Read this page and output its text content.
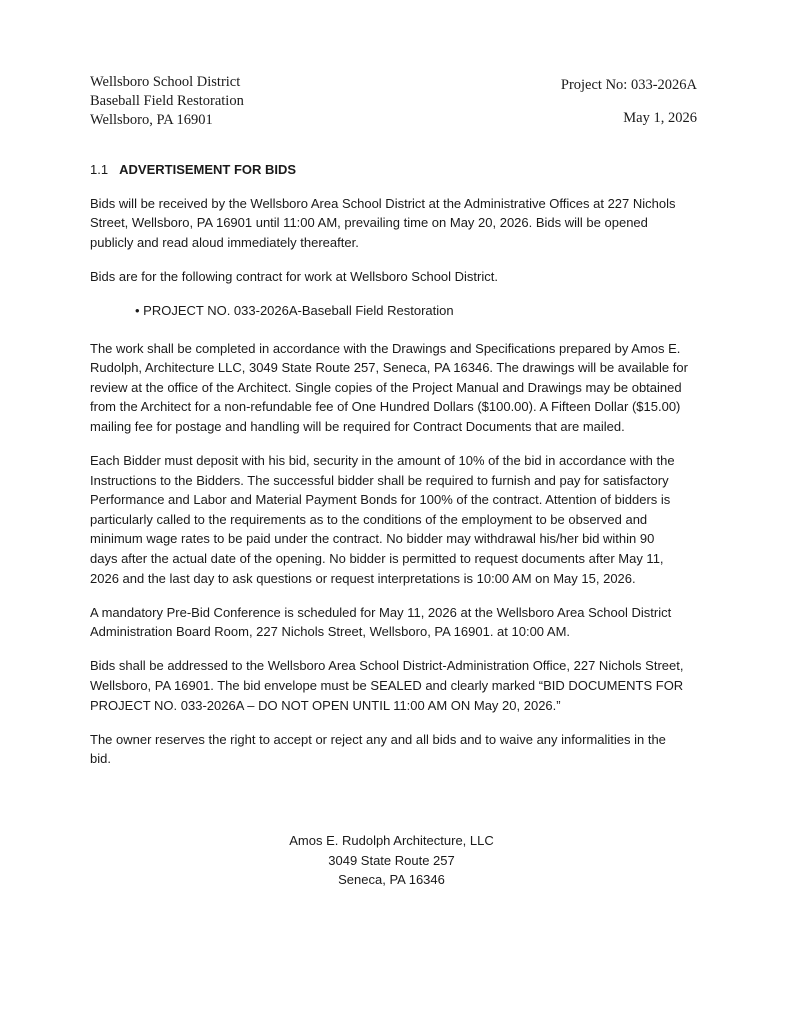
Wellsboro School District
Baseball Field Restoration
Wellsboro, PA 16901
Project No: 033-2026A
May 1, 2026
1.1 ADVERTISEMENT FOR BIDS
Bids will be received by the Wellsboro Area School District at the Administrative Offices at 227 Nichols
Street, Wellsboro, PA 16901 until 11:00 AM, prevailing time on May 20, 2026. Bids will be opened
publicly and read aloud immediately thereafter.
Bids are for the following contract for work at Wellsboro School District.
• PROJECT NO. 033-2026A-Baseball Field Restoration
The work shall be completed in accordance with the Drawings and Specifications prepared by Amos E.
Rudolph, Architecture LLC, 3049 State Route 257, Seneca, PA 16346. The drawings will be available for
review at the office of the Architect. Single copies of the Project Manual and Drawings may be obtained
from the Architect for a non-refundable fee of One Hundred Dollars ($100.00). A Fifteen Dollar ($15.00)
mailing fee for postage and handling will be required for Contract Documents that are mailed.
Each Bidder must deposit with his bid, security in the amount of 10% of the bid in accordance with the
Instructions to the Bidders. The successful bidder shall be required to furnish and pay for satisfactory
Performance and Labor and Material Payment Bonds for 100% of the contract. Attention of bidders is
particularly called to the requirements as to the conditions of the employment to be observed and
minimum wage rates to be paid under the contract. No bidder may withdrawal his/her bid within 90
days after the actual date of the opening. No bidder is permitted to request documents after May 11,
2026 and the last day to ask questions or request interpretations is 10:00 AM on May 15, 2026.
A mandatory Pre-Bid Conference is scheduled for May 11, 2026 at the Wellsboro Area School District
Administration Board Room, 227 Nichols Street, Wellsboro, PA 16901. at 10:00 AM.
Bids shall be addressed to the Wellsboro Area School District-Administration Office, 227 Nichols Street,
Wellsboro, PA 16901. The bid envelope must be SEALED and clearly marked “BID DOCUMENTS FOR
PROJECT NO. 033-2026A – DO NOT OPEN UNTIL 11:00 AM ON May 20, 2026.”
The owner reserves the right to accept or reject any and all bids and to waive any informalities in the
bid.
Amos E. Rudolph Architecture, LLC
3049 State Route 257
Seneca, PA 16346
